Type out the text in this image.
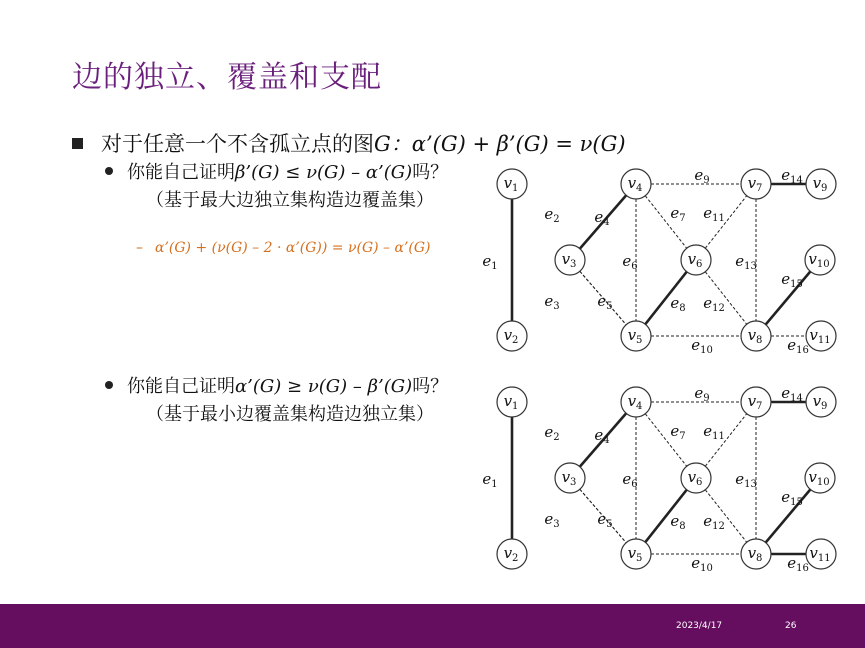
边的独立、覆盖和支配
对于任意一个不含孤立点的图G：α’(G) + β’(G) = ν(G)
你能自己证明β’(G) ≤ ν(G) – α’(G)吗？
（基于最大边独立集构造边覆盖集）
– α’(G) + (ν(G) – 2 · α’(G)) = ν(G) – α’(G)
你能自己证明α’(G) ≥ ν(G) – β’(G)吗？
（基于最小边覆盖集构造边独立集）
$e_1$
$e_2$
$e_3$
$e_4$
$e_5$
$e_6$
$e_7$
$e_8$
$e_9$
$e_{10}$
$e_{11}$
$e_{12}$
$e_{13}$
$e_{14}$
$e_{15}$
$e_{16}$
$v_1$
$v_2$
$v_3$
$v_4$
$v_5$
$v_6$
$v_7$
$v_8$
$v_9$
$v_{10}$
$v_{11}$
$e_1$
$e_2$
$e_3$
$e_4$
$e_5$
$e_6$
$e_7$
$e_8$
$e_9$
$e_{10}$
$e_{11}$
$e_{12}$
$e_{13}$
$e_{14}$
$e_{15}$
$e_{16}$
$v_1$
$v_2$
$v_3$
$v_4$
$v_5$
$v_6$
$v_7$
$v_8$
$v_9$
$v_{10}$
$v_{11}$
2023/4/17	26
